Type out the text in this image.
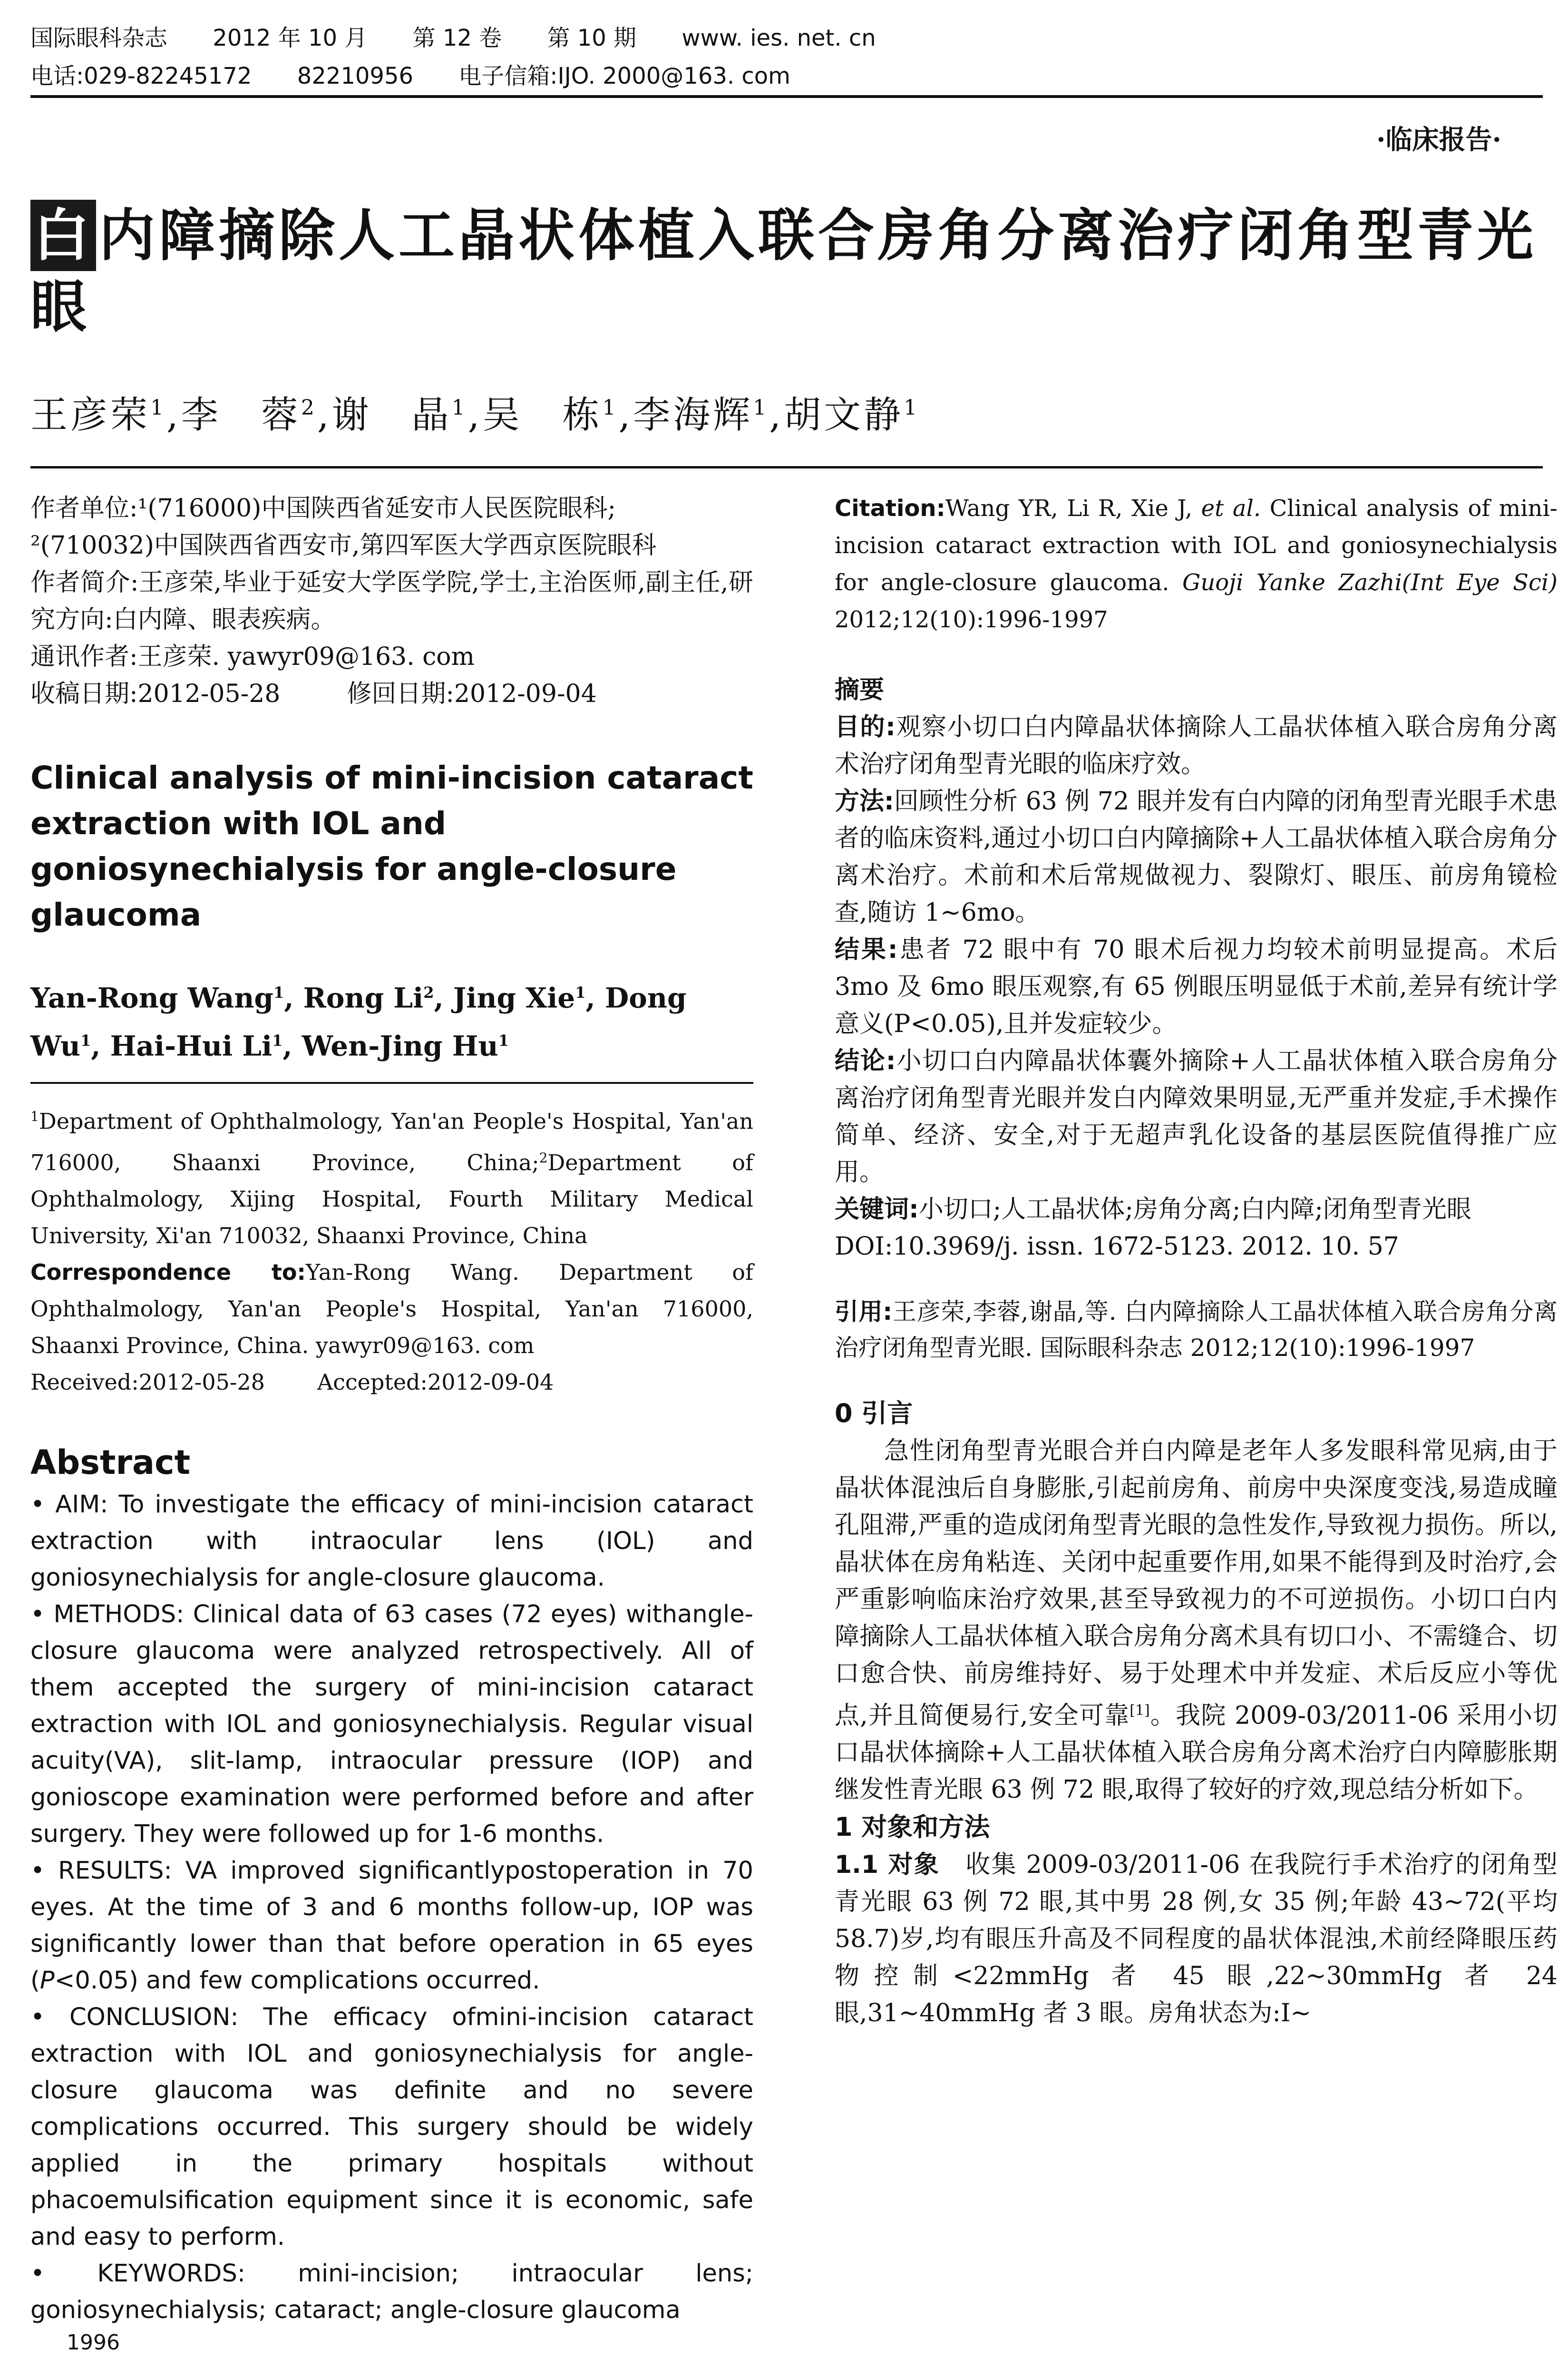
国际眼科杂志 2012 年 10 月 第 12 卷 第 10 期 www. ies. net. cn
电话:029-82245172 82210956 电子信箱:IJO. 2000@163. com
·临床报告·
白 内障摘除人工晶状体植入联合房角分离治疗闭角型青光眼
王彦荣$^1$,李　蓉$^2$,谢　晶$^1$,吴　栋$^1$,李海辉$^1$,胡文静$^1$

作者单位:¹(716000)中国陕西省延安市人民医院眼科;

²(710032)中国陕西省西安市,第四军医大学西京医院眼科

作者简介:王彦荣,毕业于延安大学医学院,学士,主治医师,副主任,研究方向:白内障、眼表疾病。

通讯作者:王彦荣. yawyr09@163. com

收稿日期:2012-05-28	修回日期:2012-09-04

Clinical analysis of mini-incision cataract extraction with IOL and goniosynechialysis for angle-closure glaucoma

Yan-Rong Wang$^1$, Rong Li$^2$, Jing Xie$^1$, Dong Wu$^1$, Hai-Hui Li$^1$, Wen-Jing Hu$^1$

$^1$Department of Ophthalmology, Yan'an People's Hospital, Yan'an 716000, Shaanxi Province, China;$^2$Department of Ophthalmology, Xijing Hospital, Fourth Military Medical University, Xi'an 710032, Shaanxi Province, China

Correspondence to:Yan-Rong Wang. Department of Ophthalmology, Yan'an People's Hospital, Yan'an 716000, Shaanxi Province, China. yawyr09@163. com

Received:2012-05-28 Accepted:2012-09-04

Abstract

• AIM: To investigate the efficacy of mini-incision cataract extraction with intraocular lens (IOL) and goniosynechialysis for angle-closure glaucoma.

• METHODS: Clinical data of 63 cases (72 eyes) withangle-closure glaucoma were analyzed retrospectively. All of them accepted the surgery of mini-incision cataract extraction with IOL and goniosynechialysis. Regular visual acuity(VA), slit-lamp, intraocular pressure (IOP) and gonioscope examination were performed before and after surgery. They were followed up for 1-6 months.

• RESULTS: VA improved significantlypostoperation in 70 eyes. At the time of 3 and 6 months follow-up, IOP was significantly lower than that before operation in 65 eyes (P<0.05) and few complications occurred.

• CONCLUSION: The efficacy ofmini-incision cataract extraction with IOL and goniosynechialysis for angle-closure glaucoma was definite and no severe complications occurred. This surgery should be widely applied in the primary hospitals without phacoemulsification equipment since it is economic, safe and easy to perform.

• KEYWORDS: mini-incision; intraocular lens; goniosynechialysis; cataract; angle-closure glaucoma

Citation:Wang YR, Li R, Xie J, et al. Clinical analysis of mini-incision cataract extraction with IOL and goniosynechialysis for angle-closure glaucoma. Guoji Yanke Zazhi(Int Eye Sci) 2012;12(10):1996-1997

摘要

目的:观察小切口白内障晶状体摘除人工晶状体植入联合房角分离术治疗闭角型青光眼的临床疗效。

方法:回顾性分析 63 例 72 眼并发有白内障的闭角型青光眼手术患者的临床资料,通过小切口白内障摘除+人工晶状体植入联合房角分离术治疗。术前和术后常规做视力、裂隙灯、眼压、前房角镜检查,随访 1~6mo。

结果:患者 72 眼中有 70 眼术后视力均较术前明显提高。术后 3mo 及 6mo 眼压观察,有 65 例眼压明显低于术前,差异有统计学意义(P<0.05),且并发症较少。

结论:小切口白内障晶状体囊外摘除+人工晶状体植入联合房角分离治疗闭角型青光眼并发白内障效果明显,无严重并发症,手术操作简单、经济、安全,对于无超声乳化设备的基层医院值得推广应用。

关键词:小切口;人工晶状体;房角分离;白内障;闭角型青光眼

DOI:10.3969/j. issn. 1672-5123. 2012. 10. 57

引用:王彦荣,李蓉,谢晶,等. 白内障摘除人工晶状体植入联合房角分离治疗闭角型青光眼. 国际眼科杂志 2012;12(10):1996-1997

0 引言

急性闭角型青光眼合并白内障是老年人多发眼科常见病,由于晶状体混浊后自身膨胀,引起前房角、前房中央深度变浅,易造成瞳孔阻滞,严重的造成闭角型青光眼的急性发作,导致视力损伤。所以,晶状体在房角粘连、关闭中起重要作用,如果不能得到及时治疗,会严重影响临床治疗效果,甚至导致视力的不可逆损伤。小切口白内障摘除人工晶状体植入联合房角分离术具有切口小、不需缝合、切口愈合快、前房维持好、易于处理术中并发症、术后反应小等优点,并且简便易行,安全可靠[1]。我院 2009-03/2011-06 采用小切口晶状体摘除+人工晶状体植入联合房角分离术治疗白内障膨胀期继发性青光眼 63 例 72 眼,取得了较好的疗效,现总结分析如下。

1 对象和方法

1.1 对象　 收集 2009-03/2011-06 在我院行手术治疗的闭角型青光眼 63 例 72 眼,其中男 28 例,女 35 例;年龄 43~72(平均 58.7)岁,均有眼压升高及不同程度的晶状体混浊,术前经降眼压药物控制<22mmHg 者 45 眼,22~30mmHg 者 24 眼,31~40mmHg 者 3 眼。房角状态为:I~

1996
